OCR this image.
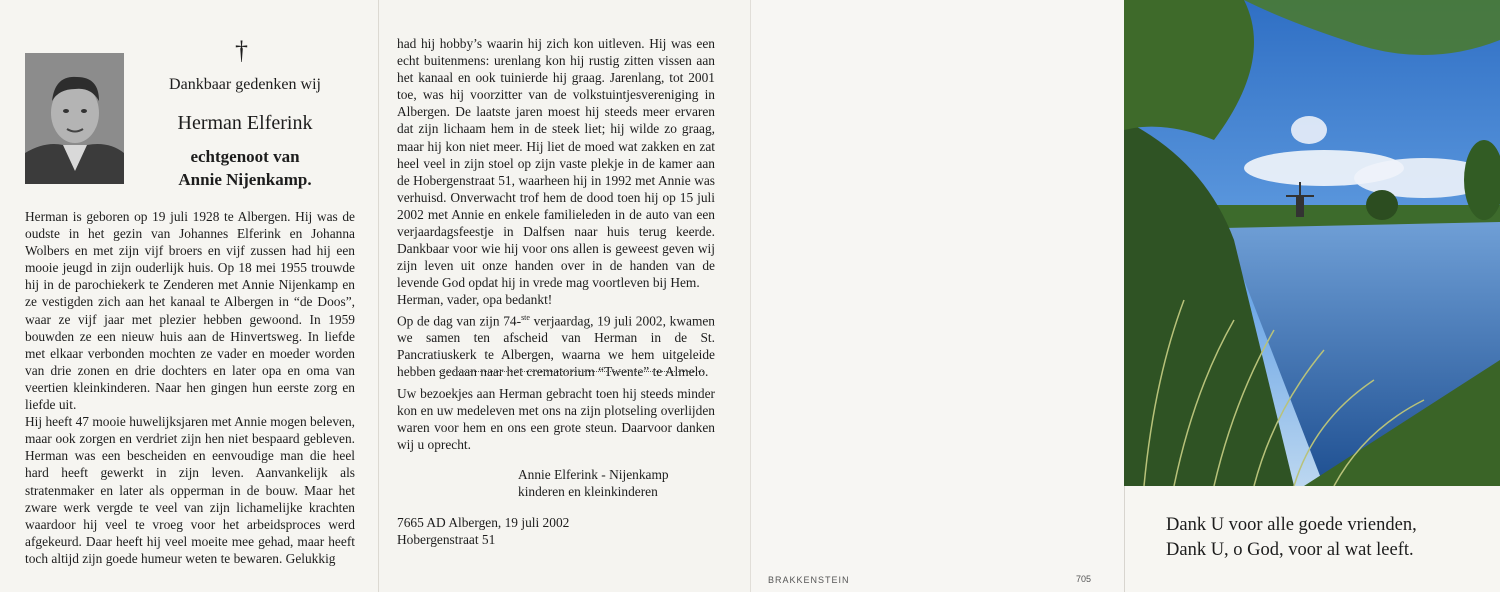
†
Dankbaar gedenken wij
Herman Elferink
echtgenoot van
Annie Nijenkamp.

Herman is geboren op 19 juli 1928 te Albergen. Hij was de oudste in het gezin van Johannes Elferink en Johanna Wolbers en met zijn vijf broers en vijf zussen had hij een mooie jeugd in zijn ouderlijk huis. Op 18 mei 1955 trouwde hij in de parochiekerk te Zenderen met Annie Nijenkamp en ze vestigden zich aan het kanaal te Albergen in “de Doos”, waar ze vijf jaar met plezier hebben gewoond. In 1959 bouwden ze een nieuw huis aan de Hinvertsweg. In liefde met elkaar verbonden mochten ze vader en moeder worden van drie zonen en drie dochters en later opa en oma van veertien kleinkinderen. Naar hen gingen hun eerste zorg en liefde uit.

Hij heeft 47 mooie huwelijksjaren met Annie mogen beleven, maar ook zorgen en verdriet zijn hen niet bespaard gebleven. Herman was een bescheiden en eenvoudige man die heel hard heeft gewerkt in zijn leven. Aanvankelijk als stratenmaker en later als opperman in de bouw. Maar het zware werk vergde te veel van zijn lichamelijke krachten waardoor hij veel te vroeg voor het arbeidsproces werd afgekeurd. Daar heeft hij veel moeite mee gehad, maar heeft toch altijd zijn goede humeur weten te bewaren. Gelukkig

had hij hobby’s waarin hij zich kon uitleven. Hij was een echt buitenmens: urenlang kon hij rustig zitten vissen aan het kanaal en ook tuinierde hij graag. Jarenlang, tot 2001 toe, was hij voorzitter van de volkstuintjesvereniging in Albergen. De laatste jaren moest hij steeds meer ervaren dat zijn lichaam hem in de steek liet; hij wilde zo graag, maar hij kon niet meer. Hij liet de moed wat zakken en zat heel veel in zijn stoel op zijn vaste plekje in de kamer aan de Hobergenstraat 51, waarheen hij in 1992 met Annie was verhuisd. Onverwacht trof hem de dood toen hij op 15 juli 2002 met Annie en enkele familieleden in de auto van een verjaardagsfeestje in Dalfsen naar huis terug keerde. Dankbaar voor wie hij voor ons allen is geweest geven wij zijn leven uit onze handen over in de handen van de levende God opdat hij in vrede mag voortleven bij Hem.

Herman, vader, opa bedankt!

Op de dag van zijn 74-$^{ste}$ verjaardag, 19 juli 2002, kwamen we samen ten afscheid van Herman in de St. Pancratiuskerk te Albergen, waarna we hem uitgeleide hebben gedaan naar het crematorium “Twente” te Almelo.

Uw bezoekjes aan Herman gebracht toen hij steeds minder kon en uw medeleven met ons na zijn plotseling overlijden waren voor hem en ons een grote steun. Daarvoor danken wij u oprecht.
Annie Elferink - Nijenkamp
kinderen en kleinkinderen
7665 AD Albergen, 19 juli 2002
Hobergenstraat 51
BRAKKENSTEIN	705
Dank U voor alle goede vrienden,
Dank U, o God, voor al wat leeft.
